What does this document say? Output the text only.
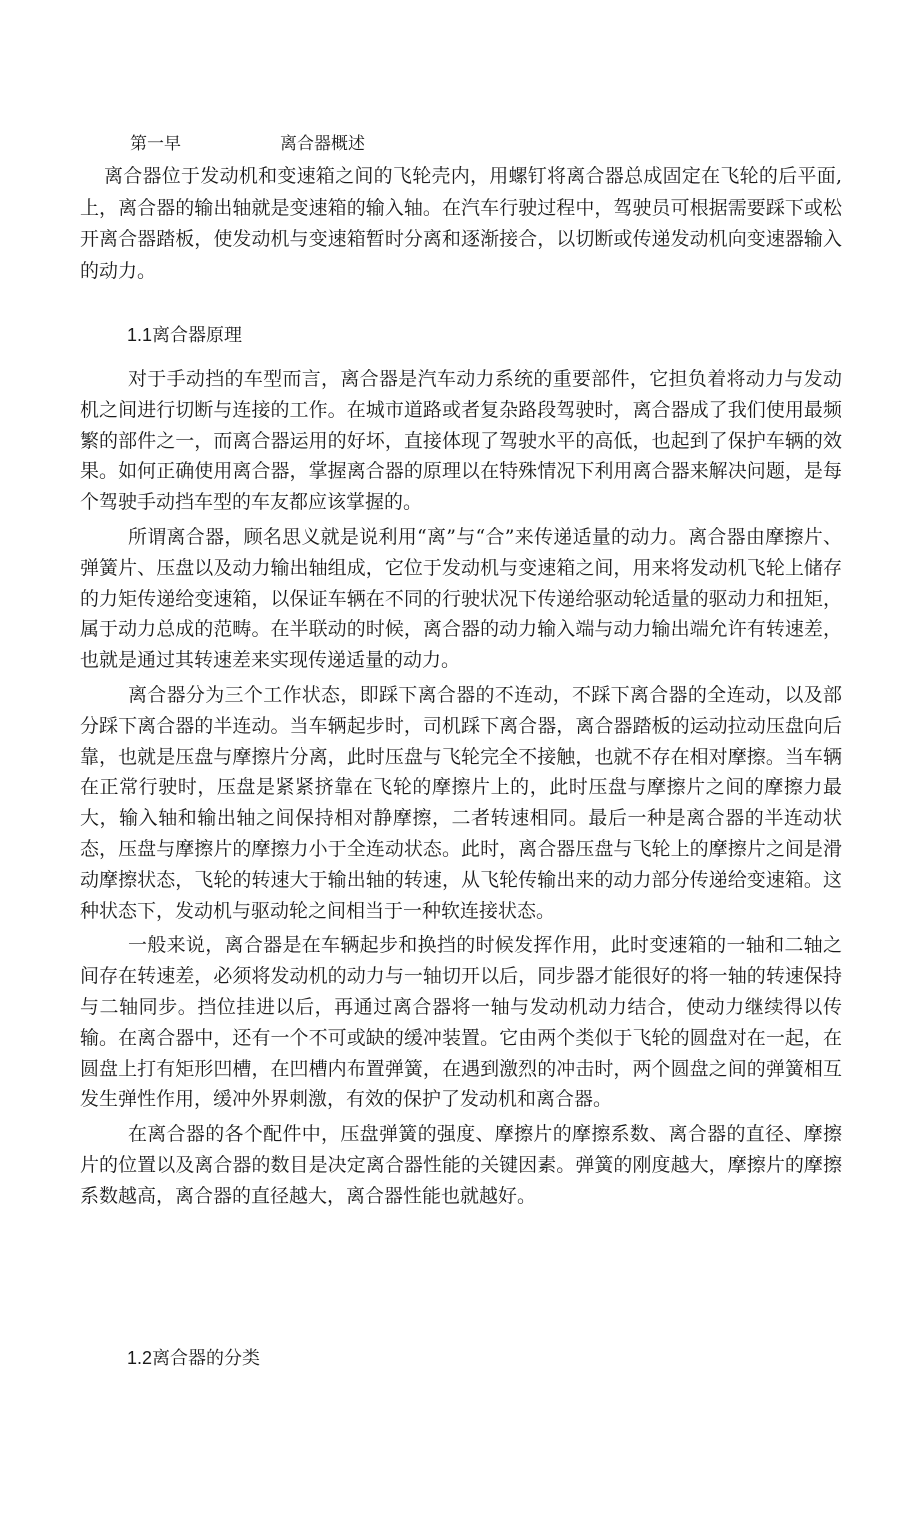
第一早	离合器概述
离合器位于发动机和变速箱之间的飞轮壳内，用螺钉将离合器总成固定在飞轮的后平面,上，离合器的输出轴就是变速箱的输入轴。在汽车行驶过程中，驾驶员可根据需要踩下或松开离合器踏板，使发动机与变速箱暂时分离和逐渐接合，以切断或传递发动机向变速器输入的动力。
1.1离合器原理

对于手动挡的车型而言，离合器是汽车动力系统的重要部件，它担负着将动力与发动机之间进行切断与连接的工作。在城市道路或者复杂路段驾驶时，离合器成了我们使用最频繁的部件之一，而离合器运用的好坏，直接体现了驾驶水平的高低，也起到了保护车辆的效果。如何正确使用离合器，掌握离合器的原理以在特殊情况下利用离合器来解决问题，是每个驾驶手动挡车型的车友都应该掌握的。

所谓离合器，顾名思义就是说利用“离”与“合”来传递适量的动力。离合器由摩擦片、弹簧片、压盘以及动力输出轴组成，它位于发动机与变速箱之间，用来将发动机飞轮上储存的力矩传递给变速箱，以保证车辆在不同的行驶状况下传递给驱动轮适量的驱动力和扭矩，属于动力总成的范畴。在半联动的时候，离合器的动力输入端与动力输出端允许有转速差，也就是通过其转速差来实现传递适量的动力。

离合器分为三个工作状态，即踩下离合器的不连动，不踩下离合器的全连动，以及部分踩下离合器的半连动。当车辆起步时，司机踩下离合器，离合器踏板的运动拉动压盘向后靠，也就是压盘与摩擦片分离，此时压盘与飞轮完全不接触，也就不存在相对摩擦。当车辆在正常行驶时，压盘是紧紧挤靠在飞轮的摩擦片上的，此时压盘与摩擦片之间的摩擦力最大，输入轴和输出轴之间保持相对静摩擦，二者转速相同。最后一种是离合器的半连动状态，压盘与摩擦片的摩擦力小于全连动状态。此时，离合器压盘与飞轮上的摩擦片之间是滑动摩擦状态，飞轮的转速大于输出轴的转速，从飞轮传输出来的动力部分传递给变速箱。这种状态下，发动机与驱动轮之间相当于一种软连接状态。

一般来说，离合器是在车辆起步和换挡的时候发挥作用，此时变速箱的一轴和二轴之间存在转速差，必须将发动机的动力与一轴切开以后，同步器才能很好的将一轴的转速保持与二轴同步。挡位挂进以后，再通过离合器将一轴与发动机动力结合，使动力继续得以传输。在离合器中，还有一个不可或缺的缓冲装置。它由两个类似于飞轮的圆盘对在一起，在圆盘上打有矩形凹槽，在凹槽内布置弹簧，在遇到激烈的冲击时，两个圆盘之间的弹簧相互发生弹性作用，缓冲外界刺激，有效的保护了发动机和离合器。

在离合器的各个配件中，压盘弹簧的强度、摩擦片的摩擦系数、离合器的直径、摩擦片的位置以及离合器的数目是决定离合器性能的关键因素。弹簧的刚度越大，摩擦片的摩擦系数越高，离合器的直径越大，离合器性能也就越好。

1.2离合器的分类
